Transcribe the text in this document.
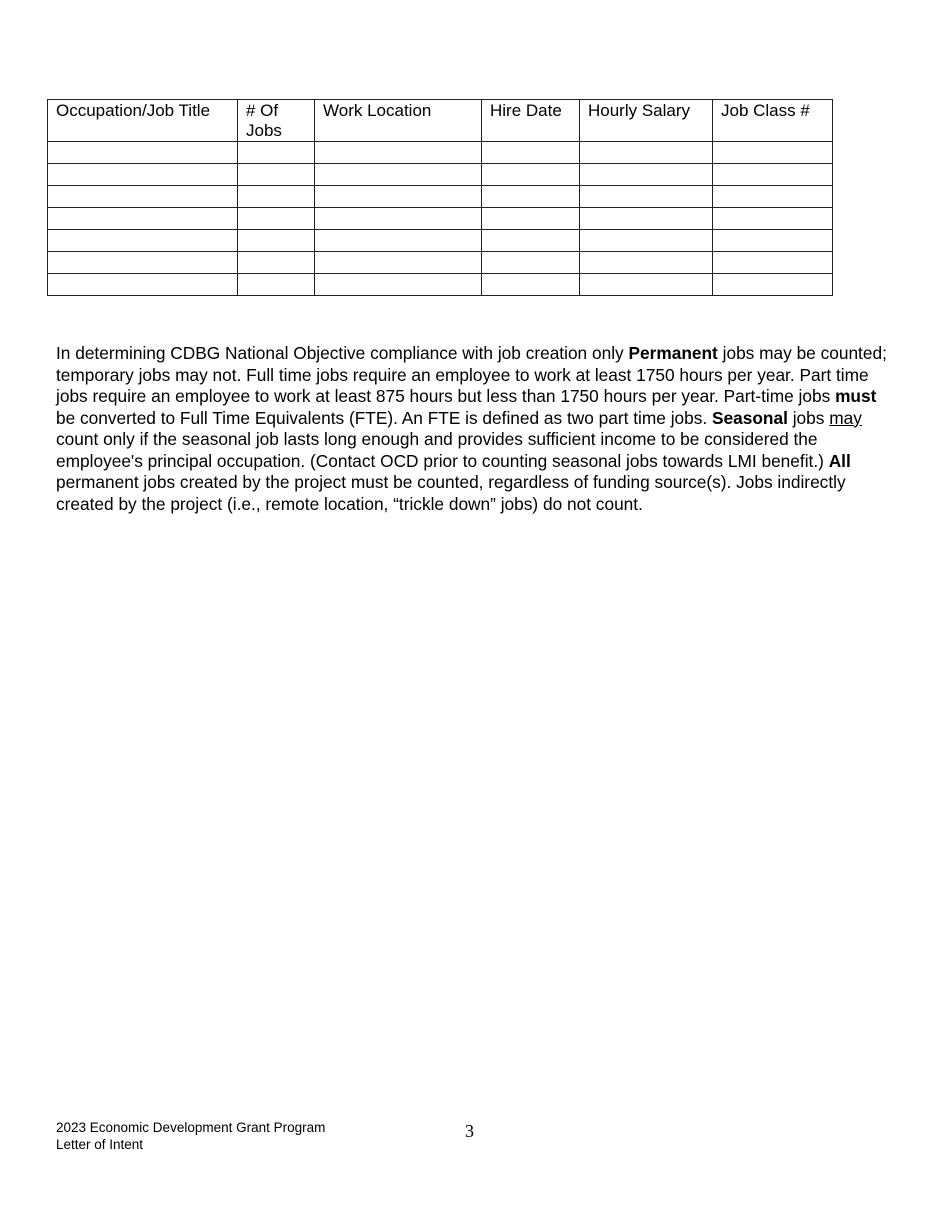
Occupation/Job Title	# Of Jobs	Work Location	Hire Date	Hourly Salary	Job Class #

In determining CDBG National Objective compliance with job creation only Permanent jobs may be counted; temporary jobs may not. Full time jobs require an employee to work at least 1750 hours per year. Part time jobs require an employee to work at least 875 hours but less than 1750 hours per year. Part-time jobs must be converted to Full Time Equivalents (FTE). An FTE is defined as two part time jobs. Seasonal jobs may count only if the seasonal job lasts long enough and provides sufficient income to be considered the employee's principal occupation. (Contact OCD prior to counting seasonal jobs towards LMI benefit.) All permanent jobs created by the project must be counted, regardless of funding source(s). Jobs indirectly created by the project (i.e., remote location, “trickle down” jobs) do not count.

2023 Economic Development Grant Program
Letter of Intent
3
